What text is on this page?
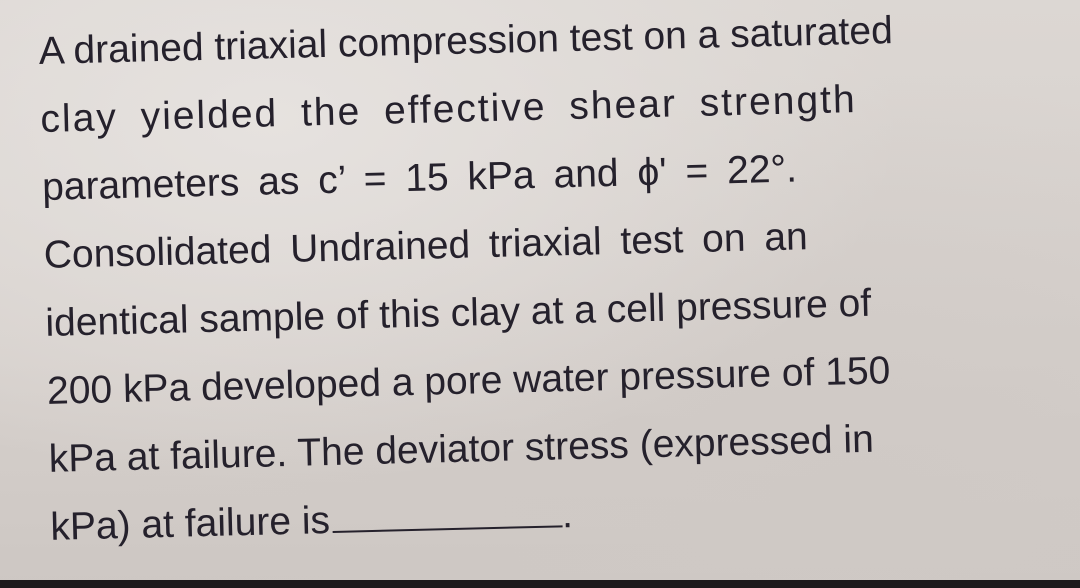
A drained triaxial compression test on a saturated
clay yielded the effective shear strength
parameters as c’ = 15 kPa and ϕ' = 22°.
Consolidated Undrained triaxial test on an
identical sample of this clay at a cell pressure of
200 kPa developed a pore water pressure of 150
kPa at failure. The deviator stress (expressed in
kPa) at failure is	.
